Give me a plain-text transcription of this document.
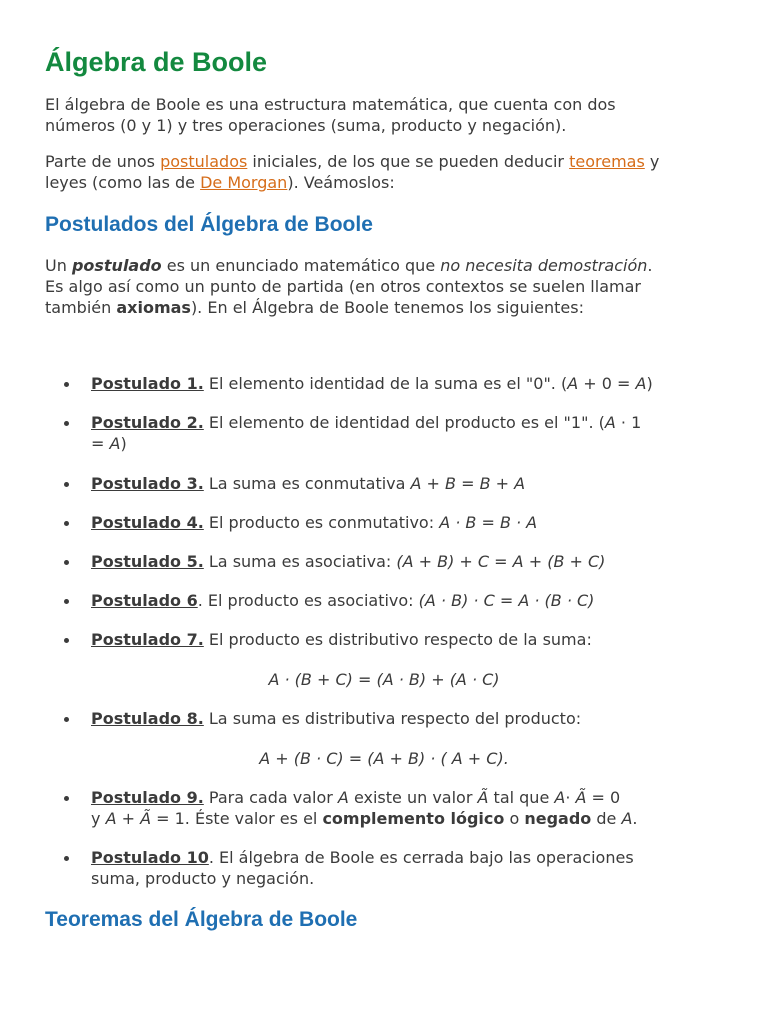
Álgebra de Boole

El álgebra de Boole es una estructura matemática, que cuenta con dos
números (0 y 1) y tres operaciones (suma, producto y negación).

Parte de unos postulados iniciales, de los que se pueden deducir teoremas y
leyes (como las de De Morgan). Veámoslos:

Postulados del Álgebra de Boole

Un postulado es un enunciado matemático que no necesita demostración.
Es algo así como un punto de partida (en otros contextos se suelen llamar
también axiomas). En el Álgebra de Boole tenemos los siguientes:

Postulado 1. El elemento identidad de la suma es el "0". (A + 0 = A)
Postulado 2. El elemento de identidad del producto es el "1". (A · 1
= A)
Postulado 3. La suma es conmutativa A + B = B + A
Postulado 4. El producto es conmutativo: A · B = B · A
Postulado 5. La suma es asociativa: (A + B) + C = A + (B + C)
Postulado 6. El producto es asociativo: (A · B) · C = A · (B · C)
Postulado 7. El producto es distributivo respecto de la suma:
A · (B + C) = (A · B) + (A · C)
Postulado 8. La suma es distributiva respecto del producto:
A + (B · C) = (A + B) · ( A + C).
Postulado 9. Para cada valor A existe un valor Ã tal que A· Ã = 0
y A + Ã = 1. Éste valor es el complemento lógico o negado de A.
Postulado 10. El álgebra de Boole es cerrada bajo las operaciones
suma, producto y negación.
Teoremas del Álgebra de Boole
